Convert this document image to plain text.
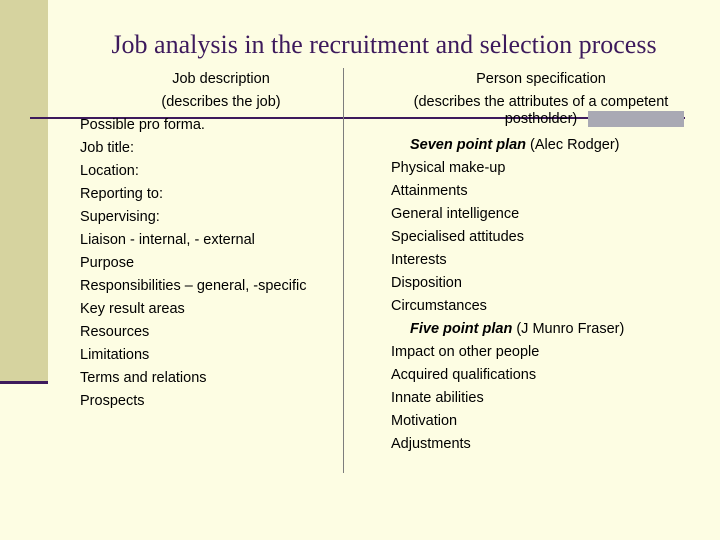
Job analysis in the recruitment and selection process
Job description
(describes the job)
Possible pro forma.
Job title:
Location:
Reporting to:
Supervising:
Liaison - internal, - external
Purpose
Responsibilities – general, -specific
Key result areas
Resources
Limitations
Terms and relations
Prospects
Person specification
(describes the attributes of a competent postholder)
Seven point plan (Alec Rodger)
Physical make-up
Attainments
General intelligence
Specialised attitudes
Interests
Disposition
Circumstances
Five point plan (J Munro Fraser)
Impact on other people
Acquired qualifications
Innate abilities
Motivation
Adjustments
